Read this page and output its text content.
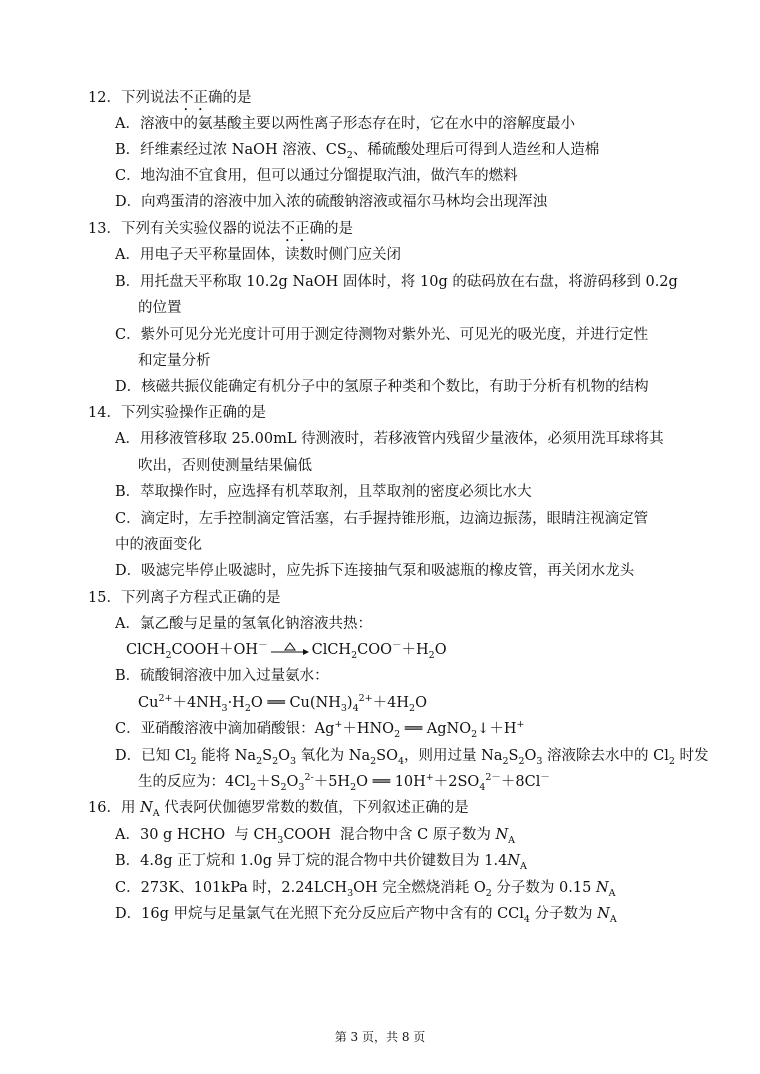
12．下列说法不正确的是
A．溶液中的氨基酸主要以两性离子形态存在时，它在水中的溶解度最小
B．纤维素经过浓 NaOH 溶液、$CS_2$、稀硫酸处理后可得到人造丝和人造棉
C．地沟油不宜食用，但可以通过分馏提取汽油，做汽车的燃料
D．向鸡蛋清的溶液中加入浓的硫酸钠溶液或福尔马林均会出现浑浊
13．下列有关实验仪器的说法不正确的是
A．用电子天平称量固体，读数时侧门应关闭
B．用托盘天平称取 10.2g NaOH 固体时，将 10g 的砝码放在右盘，将游码移到 0.2g
的位置
C．紫外可见分光光度计可用于测定待测物对紫外光、可见光的吸光度，并进行定性
和定量分析
D．核磁共振仪能确定有机分子中的氢原子种类和个数比，有助于分析有机物的结构
14．下列实验操作正确的是
A．用移液管移取 25.00mL 待测液时，若移液管内残留少量液体，必须用洗耳球将其
吹出，否则使测量结果偏低
B．萃取操作时，应选择有机萃取剂，且萃取剂的密度必须比水大
C．滴定时，左手控制滴定管活塞，右手握持锥形瓶，边滴边振荡，眼睛注视滴定管
中的液面变化
D．吸滤完毕停止吸滤时，应先拆下连接抽气泵和吸滤瓶的橡皮管，再关闭水龙头
15．下列离子方程式正确的是
A．氯乙酸与足量的氢氧化钠溶液共热：
ClCH$_2$COOH＋OH－	$ClCH_2COO^-+H_2O$
B．硫酸铜溶液中加入过量氨水：
$Cu^{2+}+4NH_3\cdot H_2O$ ══ $Cu(NH_3)_4^{2+}+4H_2O$
C．亚硝酸溶液中滴加硝酸银：$Ag^++HNO_2$ ══ AgNO$_2$↓＋H+
D．已知 $Cl_2$ 能将 $Na_2S_2O_3$ 氧化为 $Na_2SO_4$，则用过量 $Na_2S_2O_3$ 溶液除去水中的 $Cl_2$ 时发
生的反应为：$4Cl_2+S_2O_3^{2-}+5H_2O$ ══ $10H^++2SO_4^{2-}+8Cl^-$
16．用 $N_A$ 代表阿伏伽德罗常数的数值，下列叙述正确的是
A．30 g HCHO  与 $CH_3COOH$  混合物中含 C 原子数为 $N_A$
B．4.8g 正丁烷和 1.0g 异丁烷的混合物中共价键数目为 $1.4N_A$
C．273K、101kPa 时，$2.24LCH_3OH$ 完全燃烧消耗 $O_2$ 分子数为 0.15 $N_A$
D．16g 甲烷与足量氯气在光照下充分反应后产物中含有的 CCl$_4$ 分子数为 $N_A$
第 3 页，共 8 页
